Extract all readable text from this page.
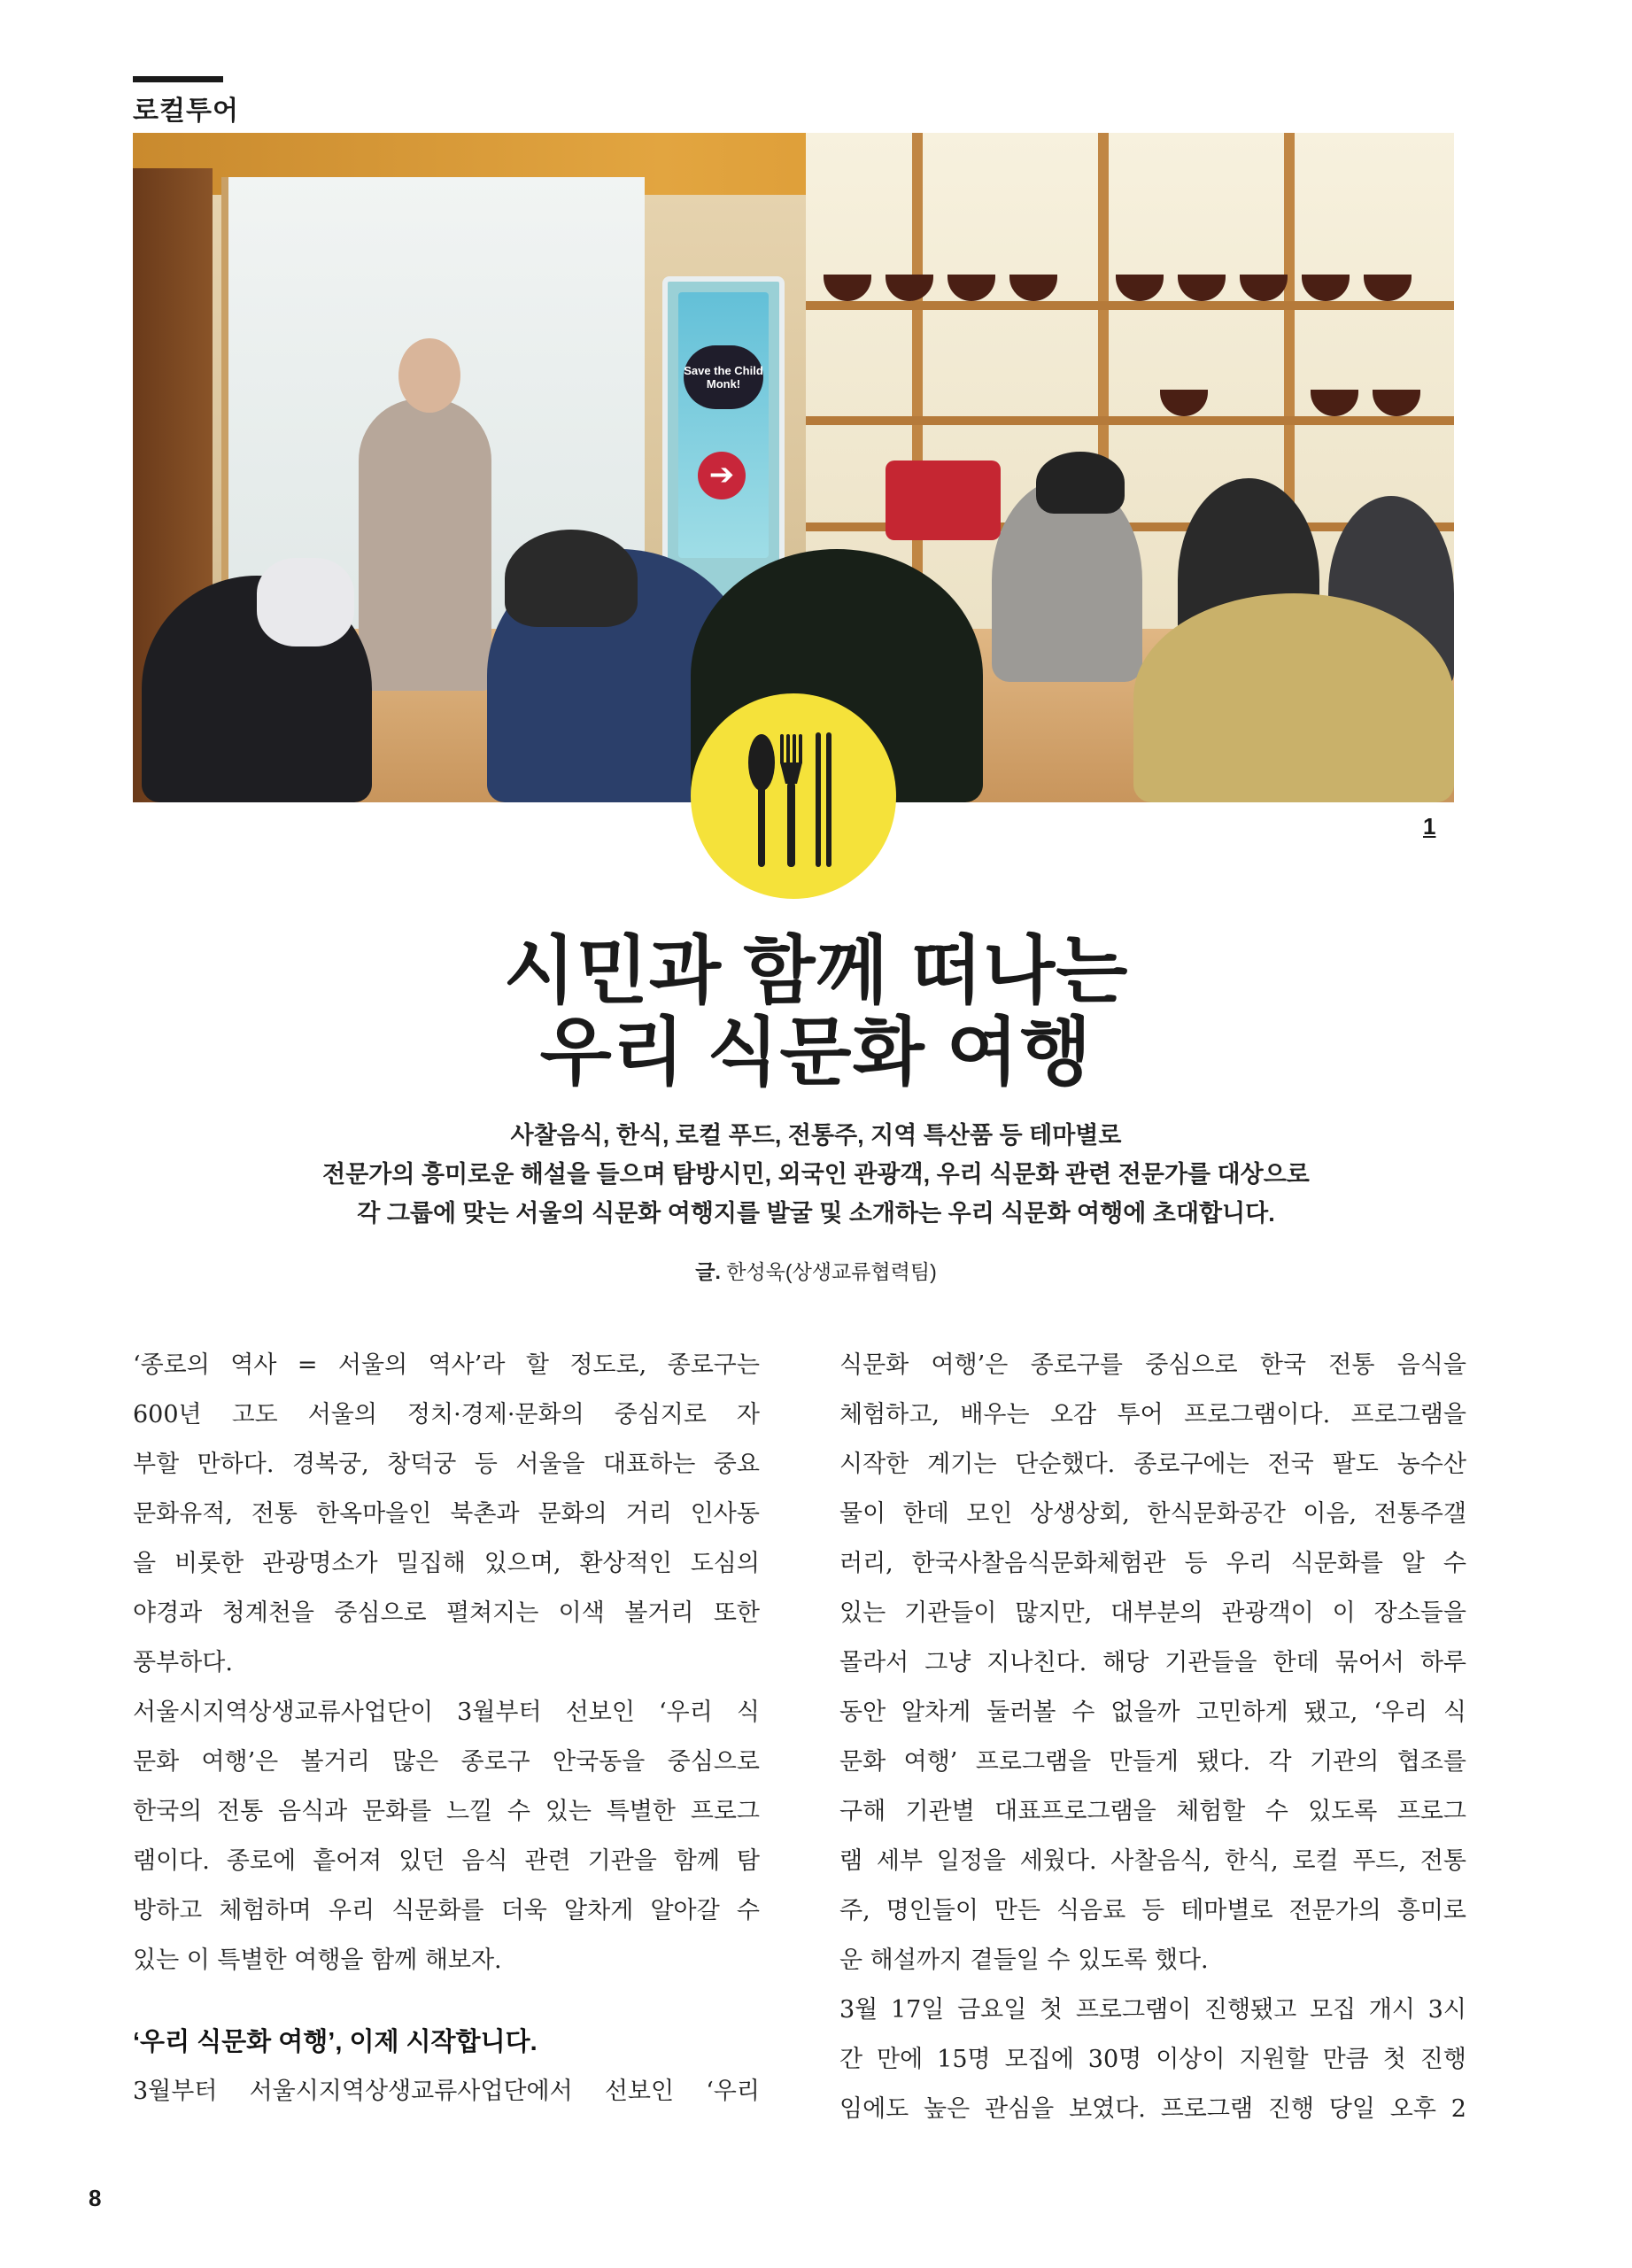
로컬투어
Save the Child Monk!
➔
1
시민과 함께 떠나는
우리 식문화 여행
사찰음식, 한식, 로컬 푸드, 전통주, 지역 특산품 등 테마별로
전문가의 흥미로운 해설을 들으며 탐방시민, 외국인 관광객, 우리 식문화 관련 전문가를 대상으로
각 그룹에 맞는 서울의 식문화 여행지를 발굴 및 소개하는 우리 식문화 여행에 초대합니다.
글. 한성욱(상생교류협력팀)
‘종로의 역사 = 서울의 역사’라 할 정도로, 종로구는
600년 고도 서울의 정치·경제·문화의 중심지로 자
부할 만하다. 경복궁, 창덕궁 등 서울을 대표하는 중요
문화유적, 전통 한옥마을인 북촌과 문화의 거리 인사동
을 비롯한 관광명소가 밀집해 있으며, 환상적인 도심의
야경과 청계천을 중심으로 펼쳐지는 이색 볼거리 또한
풍부하다.
서울시지역상생교류사업단이 3월부터 선보인 ‘우리 식
문화 여행’은 볼거리 많은 종로구 안국동을 중심으로
한국의 전통 음식과 문화를 느낄 수 있는 특별한 프로그
램이다. 종로에 흩어져 있던 음식 관련 기관을 함께 탐
방하고 체험하며 우리 식문화를 더욱 알차게 알아갈 수
있는 이 특별한 여행을 함께 해보자.
‘우리 식문화 여행’, 이제 시작합니다.
3월부터 서울시지역상생교류사업단에서 선보인 ‘우리
식문화 여행’은 종로구를 중심으로 한국 전통 음식을
체험하고, 배우는 오감 투어 프로그램이다. 프로그램을
시작한 계기는 단순했다. 종로구에는 전국 팔도 농수산
물이 한데 모인 상생상회, 한식문화공간 이음, 전통주갤
러리, 한국사찰음식문화체험관 등 우리 식문화를 알 수
있는 기관들이 많지만, 대부분의 관광객이 이 장소들을
몰라서 그냥 지나친다. 해당 기관들을 한데 묶어서 하루
동안 알차게 둘러볼 수 없을까 고민하게 됐고, ‘우리 식
문화 여행’ 프로그램을 만들게 됐다. 각 기관의 협조를
구해 기관별 대표프로그램을 체험할 수 있도록 프로그
램 세부 일정을 세웠다. 사찰음식, 한식, 로컬 푸드, 전통
주, 명인들이 만든 식음료 등 테마별로 전문가의 흥미로
운 해설까지 곁들일 수 있도록 했다.
3월 17일 금요일 첫 프로그램이 진행됐고 모집 개시 3시
간 만에 15명 모집에 30명 이상이 지원할 만큼 첫 진행
임에도 높은 관심을 보였다. 프로그램 진행 당일 오후 2
8
